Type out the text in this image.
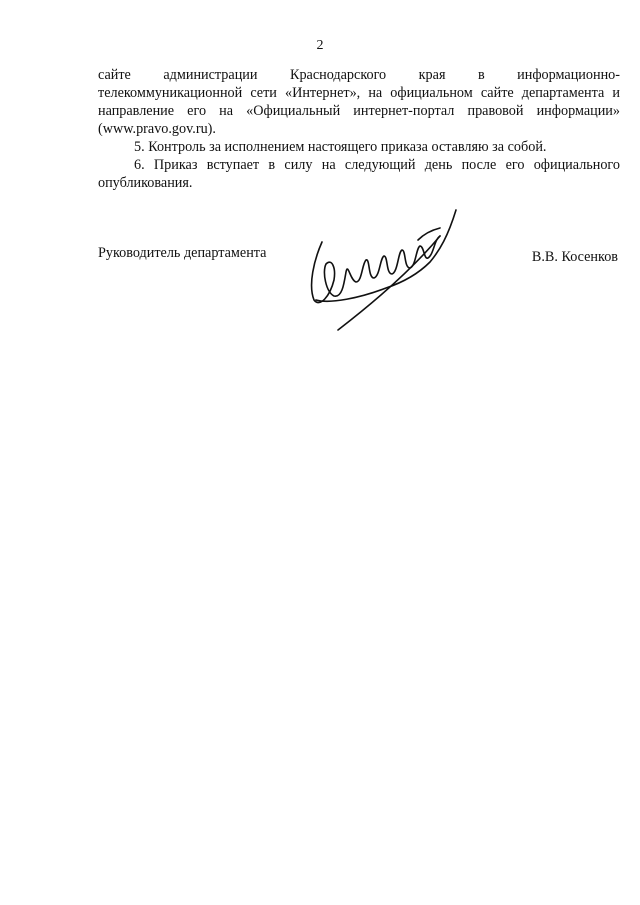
2

сайте администрации Краснодарского края в информационно-
телекоммуникационной сети «Интернет», на официальном сайте департамента и направление его на «Официальный интернет-портал правовой информации» (www.pravo.gov.ru).

5. Контроль за исполнением настоящего приказа оставляю за собой.

6. Приказ вступает в силу на следующий день после его официального опубликования.

Руководитель департамента	В.В. Косенков
